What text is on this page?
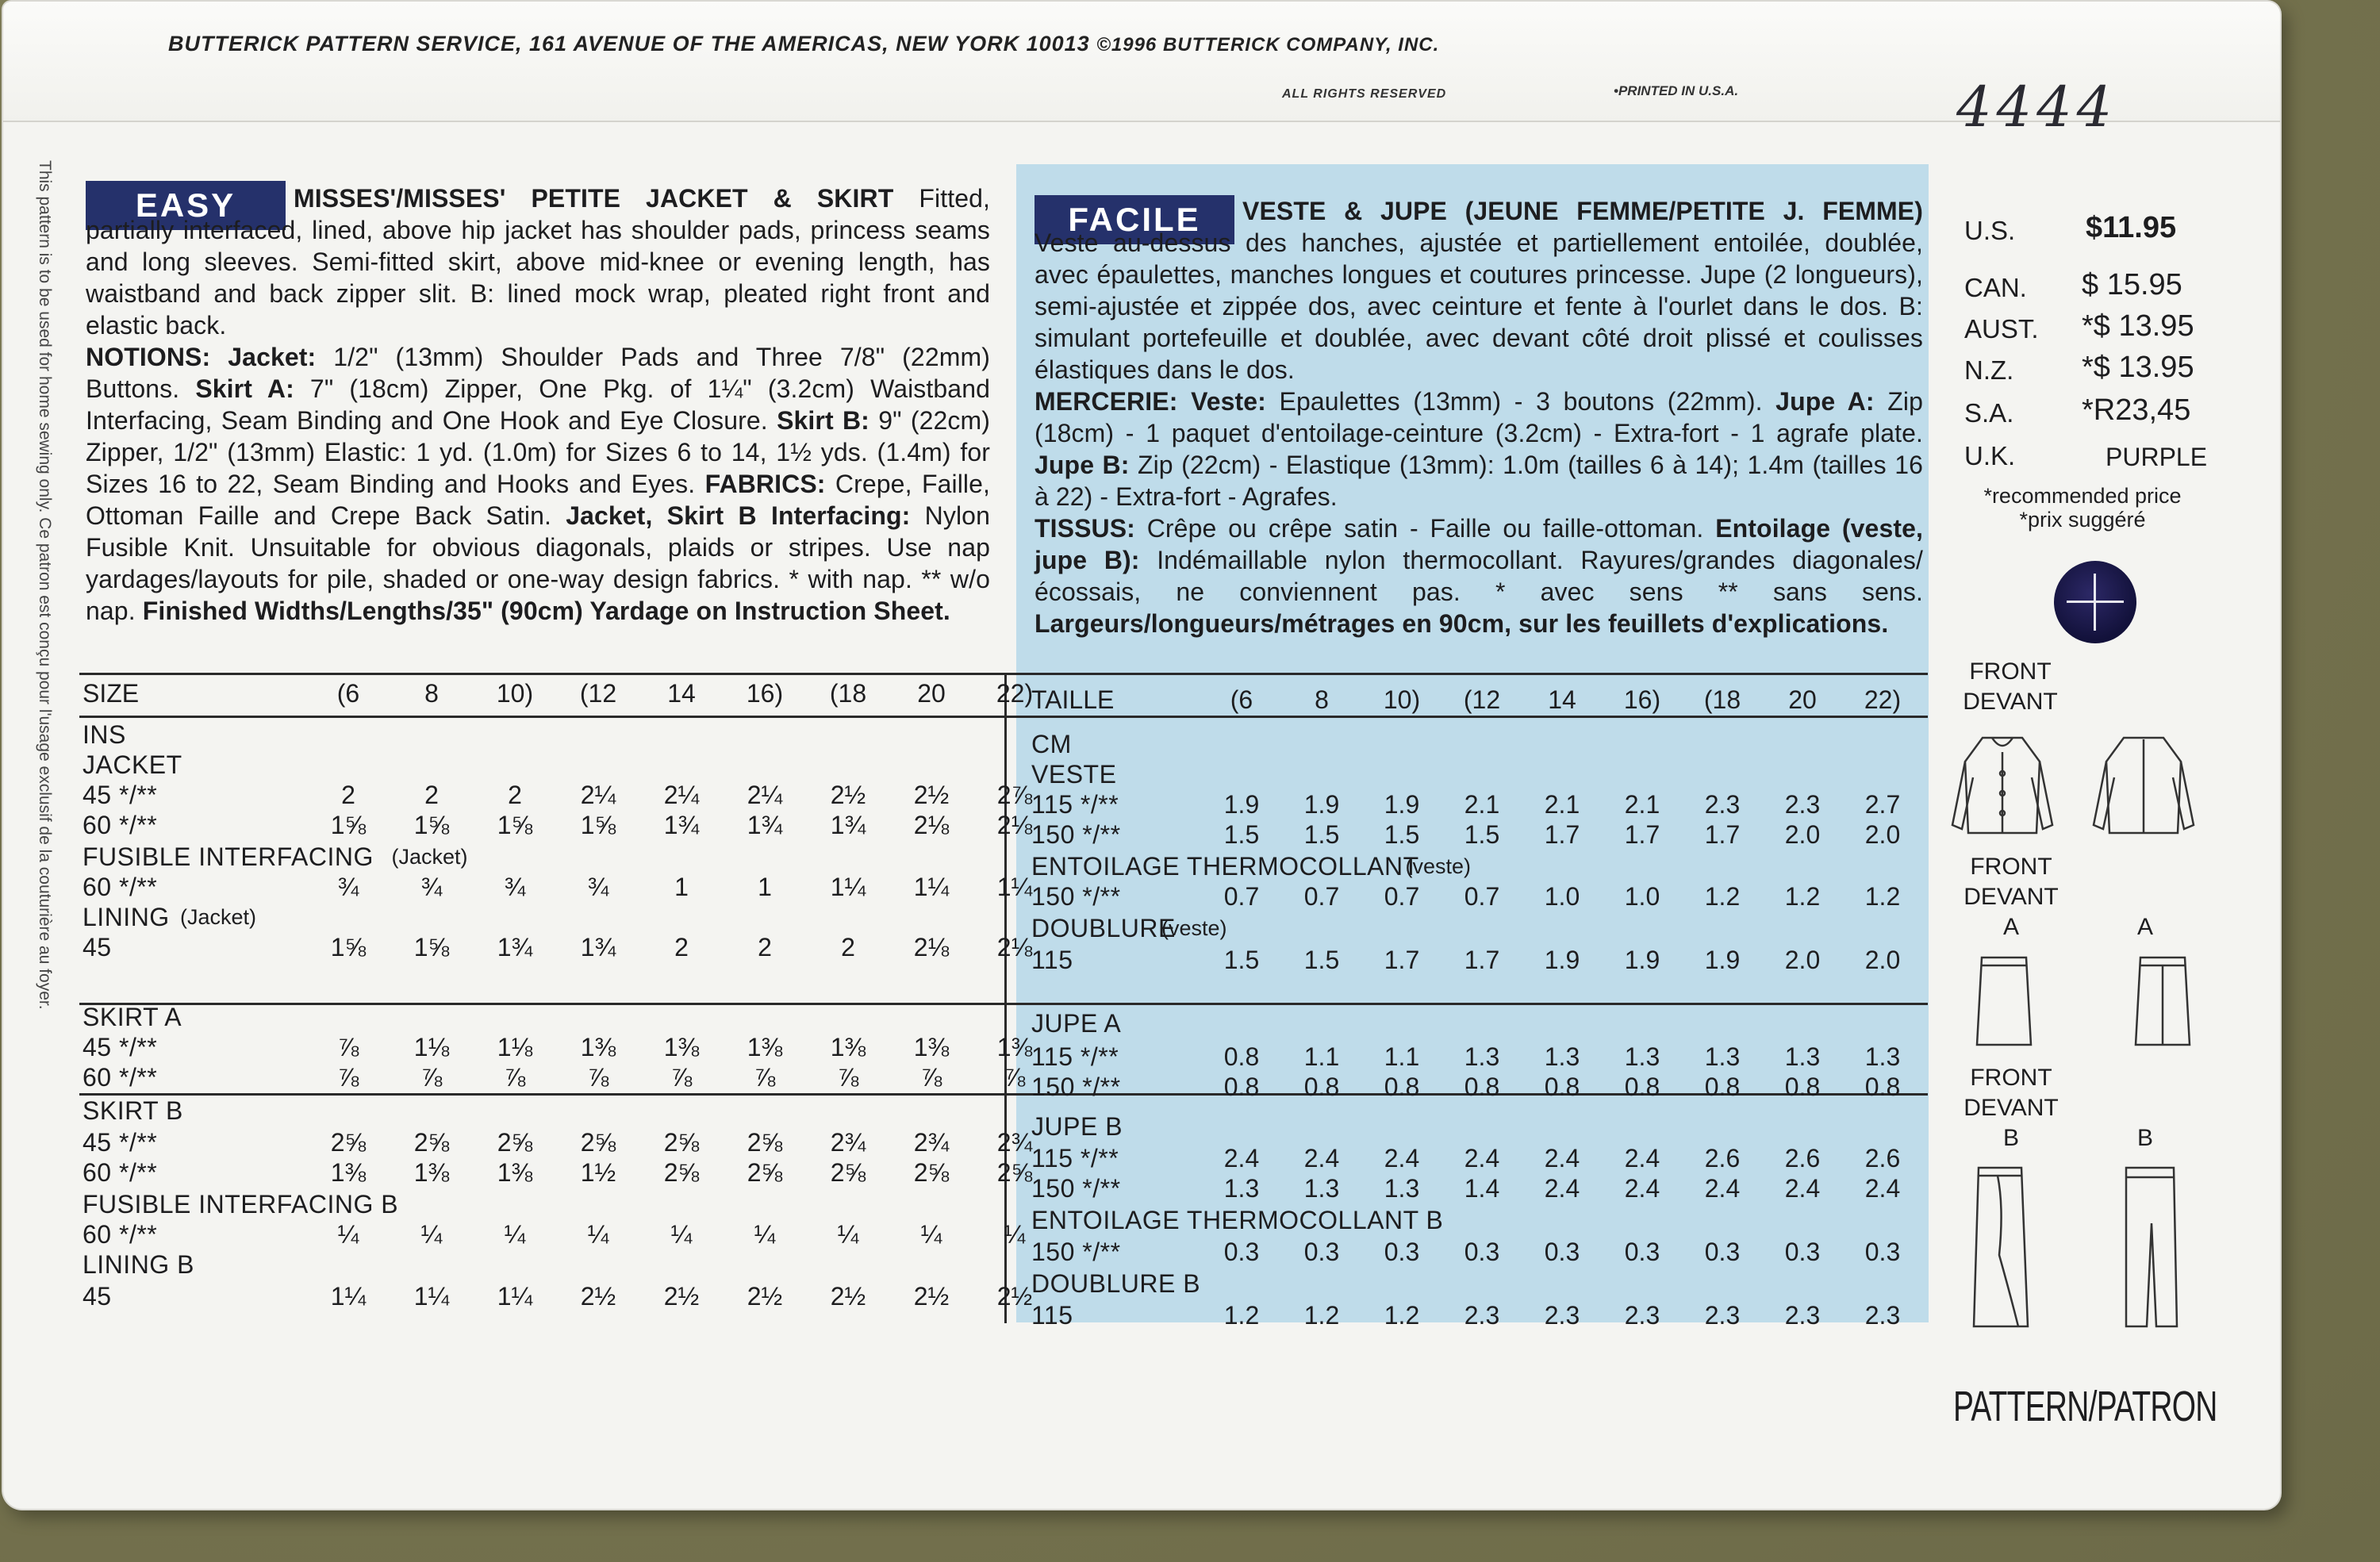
BUTTERICK PATTERN SERVICE, 161 AVENUE OF THE AMERICAS, NEW YORK 10013 ©1996 BUTTERICK COMPANY, INC.
ALL RIGHTS RESERVED	•PRINTED IN U.S.A.	4444
This pattern is to be used for home sewing only. Ce patron est conçu pour l'usage exclusif de la couturière au foyer.	EASY	MISSES'/MISSES' PETITE JACKET & SKIRT Fitted, partially interfaced, lined, above hip jacket has shoulder pads, princess seams and long sleeves. Semi-fitted skirt, above mid-knee or evening length, has waistband and back zipper slit. B: lined mock wrap, pleated right front and elastic back.
NOTIONS: Jacket: 1/2" (13mm) Shoulder Pads and Three 7/8" (22mm) Buttons. Skirt A: 7" (18cm) Zipper, One Pkg. of 1¼" (3.2cm) Waistband Interfacing, Seam Binding and One Hook and Eye Closure. Skirt B: 9" (22cm) Zipper, 1/2" (13mm) Elastic: 1 yd. (1.0m) for Sizes 6 to 14, 1½ yds. (1.4m) for Sizes 16 to 22, Seam Binding and Hooks and Eyes. FABRICS: Crepe, Faille, Ottoman Faille and Crepe Back Satin. Jacket, Skirt B Interfacing: Nylon Fusible Knit. Unsuitable for obvious diagonals, plaids or stripes. Use nap yardages/layouts for pile, shaded or one-way design fabrics. * with nap. ** w/o nap. Finished Widths/Lengths/35" (90cm) Yardage on Instruction Sheet.
FACILE	VESTE & JUPE (JEUNE FEMME/PETITE J. FEMME) Veste au-dessus des hanches, ajustée et partiellement entoilée, doublée, avec épaulettes, manches longues et coutures princesse. Jupe (2 longueurs), semi-ajustée et zippée dos, avec ceinture et fente à l'ourlet dans le dos. B: simulant portefeuille et doublée, avec devant côté droit plissé et coulisses élastiques dans le dos.
MERCERIE: Veste: Epaulettes (13mm) - 3 boutons (22mm). Jupe A: Zip (18cm) - 1 paquet d'entoilage-ceinture (3.2cm) - Extra-fort - 1 agrafe plate. Jupe B: Zip (22cm) - Elastique (13mm): 1.0m (tailles 6 à 14); 1.4m (tailles 16 à 22) - Extra-fort - Agrafes.
TISSUS: Crêpe ou crêpe satin - Faille ou faille-ottoman. Entoilage (veste, jupe B): Indémaillable nylon thermocollant. Rayures/grandes diagonales/écossais, ne conviennent pas. * avec sens ** sans sens. Largeurs/longueurs/métrages en 90cm, sur les feuillets d'explications.
SIZE	(6	8	10)	(12	14	16)	(18	20	22)
INS
JACKET
45 */**	2	2	2	2¼	2¼	2¼	2½	2½	2⅞
60 */**	1⅝	1⅝	1⅝	1⅝	1¾	1¾	1¾	2⅛	2⅛
FUSIBLE INTERFACING (Jacket)
60 */**	¾	¾	¾	¾	1	1	1¼	1¼	1¼
LINING (Jacket)
45	1⅝	1⅝	1¾	1¾	2	2	2	2⅛	2⅛
SKIRT A
45 */**	⅞	1⅛	1⅛	1⅜	1⅜	1⅜	1⅜	1⅜	1⅜
60 */**	⅞	⅞	⅞	⅞	⅞	⅞	⅞	⅞	⅞
SKIRT B
45 */**	2⅝	2⅝	2⅝	2⅝	2⅝	2⅝	2¾	2¾	2¾
60 */**	1⅜	1⅜	1⅜	1½	2⅝	2⅝	2⅝	2⅝	2⅝
FUSIBLE INTERFACING B
60 */**	¼	¼	¼	¼	¼	¼	¼	¼	¼
LINING B
45	1¼	1¼	1¼	2½	2½	2½	2½	2½	2½
TAILLE	(6	8	10)	(12	14	16)	(18	20	22)
CM
VESTE
115 */**	1.9	1.9	1.9	2.1	2.1	2.1	2.3	2.3	2.7
150 */**	1.5	1.5	1.5	1.5	1.7	1.7	1.7	2.0	2.0
ENTOILAGE THERMOCOLLANT
(veste)
150 */**	0.7	0.7	0.7	0.7	1.0	1.0	1.2	1.2	1.2
DOUBLURE
(veste)
115	1.5	1.5	1.7	1.7	1.9	1.9	1.9	2.0	2.0
JUPE A
115 */**	0.8	1.1	1.1	1.3	1.3	1.3	1.3	1.3	1.3
150 */**	0.8	0.8	0.8	0.8	0.8	0.8	0.8	0.8	0.8
JUPE B
115 */**	2.4	2.4	2.4	2.4	2.4	2.4	2.6	2.6	2.6
150 */**	1.3	1.3	1.3	1.4	2.4	2.4	2.4	2.4	2.4
ENTOILAGE THERMOCOLLANT B
150 */**	0.3	0.3	0.3	0.3	0.3	0.3	0.3	0.3	0.3
DOUBLURE B
115	1.2	1.2	1.2	2.3	2.3	2.3	2.3	2.3	2.3
U.S. $11.95
CAN. $ 15.95
AUST. *$ 13.95
N.Z. *$ 13.95
S.A. *R23,45
U.K.	PURPLE
*recommended price
*prix suggéré
FRONT
DEVANT
FRONT
DEVANT
A	A
FRONT
DEVANT
B	B
PATTERN/PATRON
